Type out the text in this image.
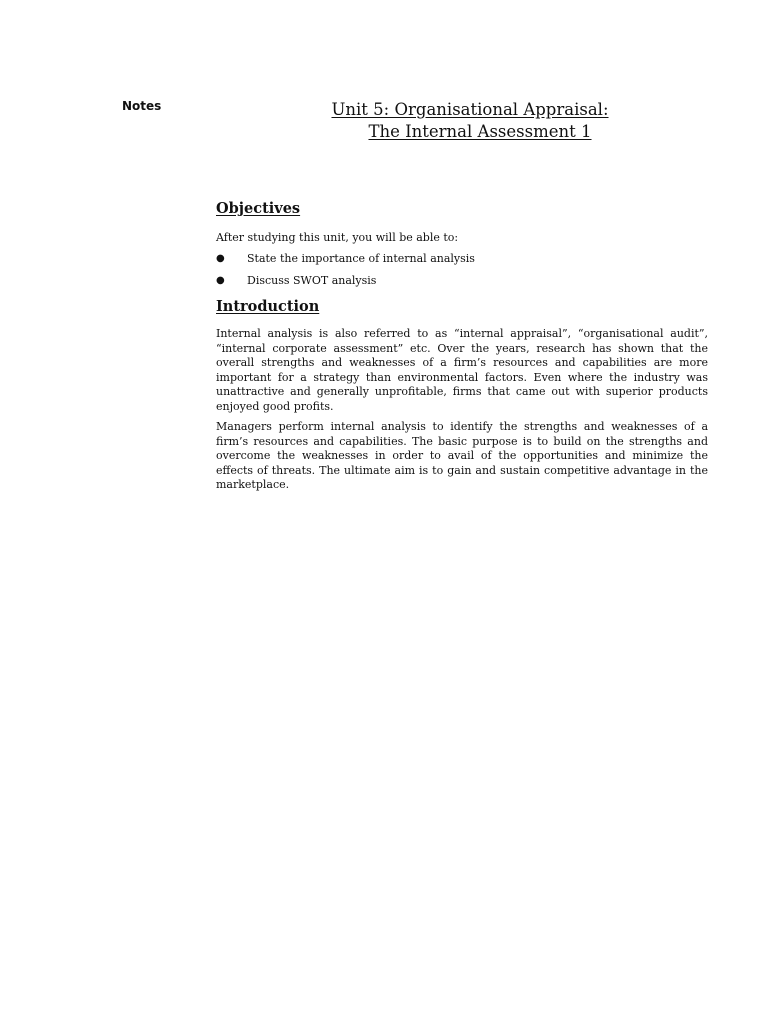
Notes	Unit 5: Organisational Appraisal:
The Internal Assessment 1
Objectives

After studying this unit, you will be able to:

● State the importance of internal analysis
● Discuss SWOT analysis
Introduction

Internal analysis is also referred to as “internal appraisal”, “organisational audit”, “internal corporate assessment” etc. Over the years, research has shown that the overall strengths and weaknesses of a firm’s resources and capabilities are more important for a strategy than environmental factors. Even where the industry was unattractive and generally unprofitable, firms that came out with superior products enjoyed good profits.

Managers perform internal analysis to identify the strengths and weaknesses of a firm’s resources and capabilities. The basic purpose is to build on the strengths and overcome the weaknesses in order to avail of the opportunities and minimize the effects of threats. The ultimate aim is to gain and sustain competitive advantage in the marketplace.
